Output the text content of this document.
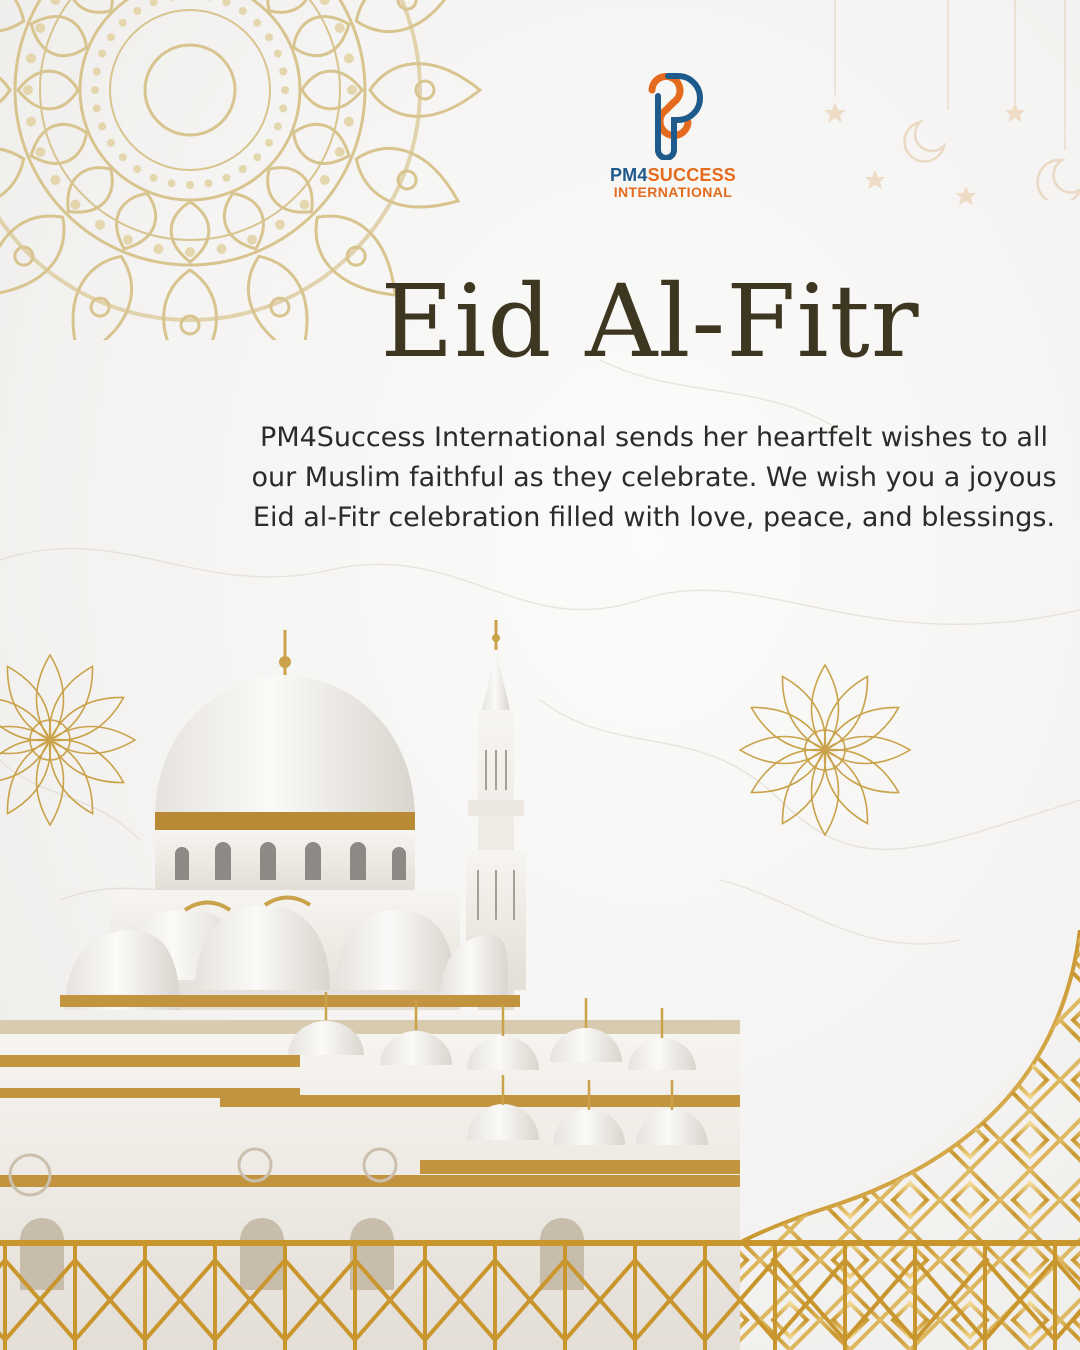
PM4SUCCESS
INTERNATIONAL
Eid Al-Fitr
PM4Success International sends her heartfelt wishes to all our Muslim faithful as they celebrate. We wish you a joyous Eid al-Fitr celebration filled with love, peace, and blessings.
